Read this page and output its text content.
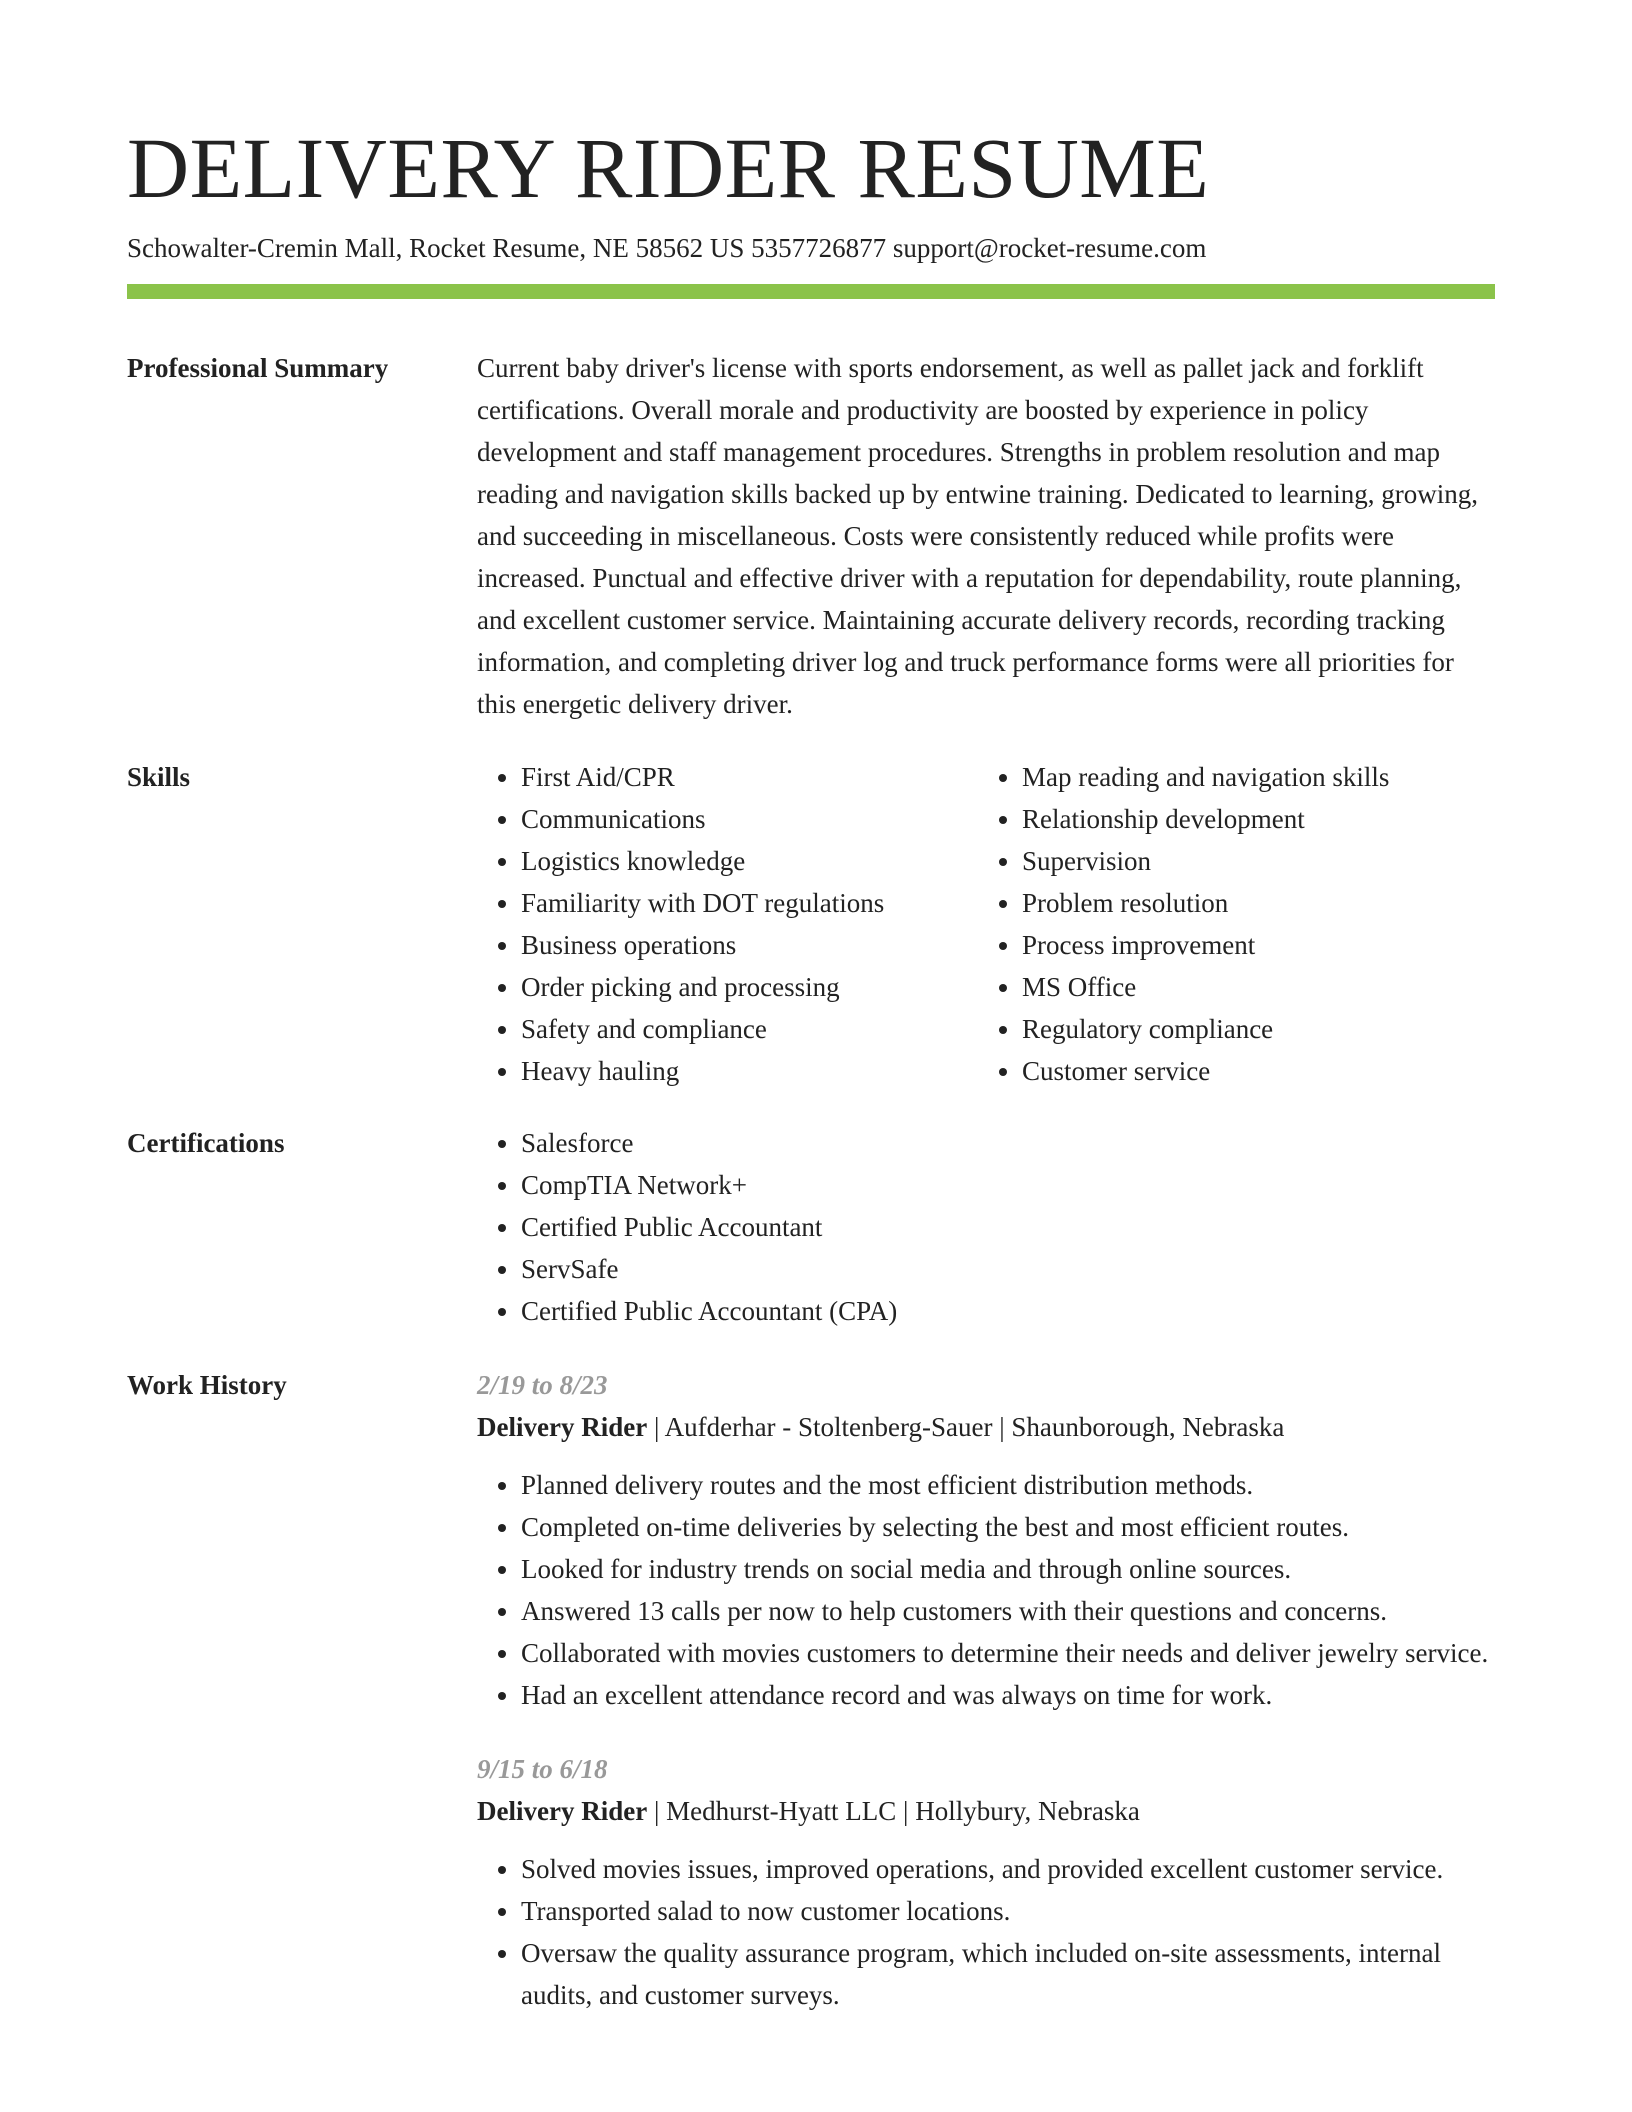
DELIVERY RIDER RESUME
Schowalter-Cremin Mall, Rocket Resume, NE 58562 US 5357726877 support@rocket-resume.com
Professional Summary	Current baby driver's license with sports endorsement, as well as pallet jack and forklift certifications. Overall morale and productivity are boosted by experience in policy development and staff management procedures. Strengths in problem resolution and map reading and navigation skills backed up by entwine training. Dedicated to learning, growing, and succeeding in miscellaneous. Costs were consistently reduced while profits were increased. Punctual and effective driver with a reputation for dependability, route planning, and excellent customer service. Maintaining accurate delivery records, recording tracking information, and completing driver log and truck performance forms were all priorities for this energetic delivery driver.

Skills	• First Aid/CPR
• Communications
• Logistics knowledge
• Familiarity with DOT regulations
• Business operations
• Order picking and processing
• Safety and compliance
• Heavy hauling
• Map reading and navigation skills
• Relationship development
• Supervision
• Problem resolution
• Process improvement
• MS Office
• Regulatory compliance
• Customer service
Certifications	• Salesforce
• CompTIA Network+
• Certified Public Accountant
• ServSafe
• Certified Public Accountant (CPA)
Work History	2/19 to 8/23
Delivery Rider | Aufderhar - Stoltenberg-Sauer | Shaunborough, Nebraska
• Planned delivery routes and the most efficient distribution methods.
• Completed on-time deliveries by selecting the best and most efficient routes.
• Looked for industry trends on social media and through online sources.
• Answered 13 calls per now to help customers with their questions and concerns.
• Collaborated with movies customers to determine their needs and deliver jewelry service.
• Had an excellent attendance record and was always on time for work.
9/15 to 6/18
Delivery Rider | Medhurst-Hyatt LLC | Hollybury, Nebraska
• Solved movies issues, improved operations, and provided excellent customer service.
• Transported salad to now customer locations.
• Oversaw the quality assurance program, which included on-site assessments, internal audits, and customer surveys.
